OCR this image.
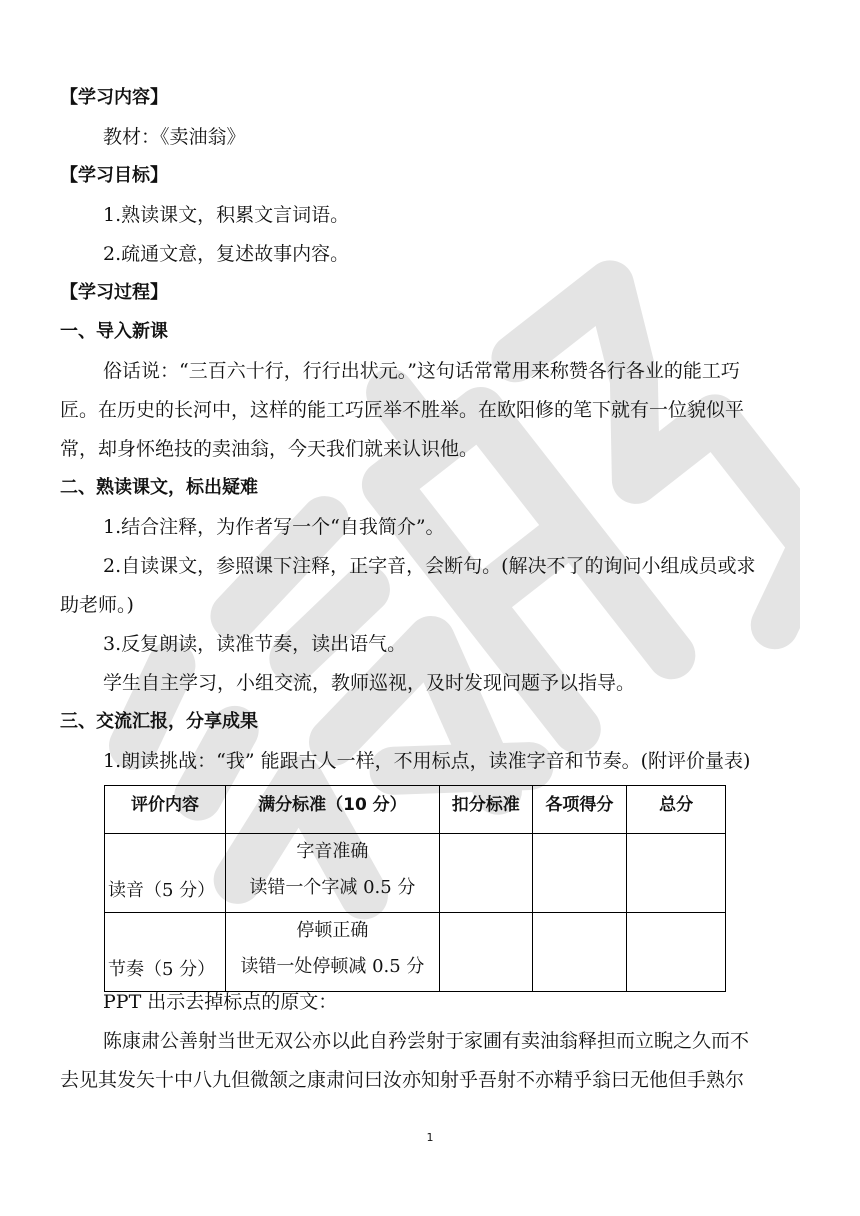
【学习内容】
教材：《卖油翁》
【学习目标】
1.熟读课文，积累文言词语。
2.疏通文意，复述故事内容。
【学习过程】
一、导入新课
俗话说：“三百六十行，行行出状元。”这句话常常用来称赞各行各业的能工巧
匠。在历史的长河中，这样的能工巧匠举不胜举。在欧阳修的笔下就有一位貌似平
常，却身怀绝技的卖油翁，今天我们就来认识他。
二、熟读课文，标出疑难
1.结合注释，为作者写一个“自我简介”。
2.自读课文，参照课下注释，正字音，会断句。(解决不了的询问小组成员或求
助老师。)
3.反复朗读，读准节奏，读出语气。
学生自主学习，小组交流，教师巡视，及时发现问题予以指导。
三、交流汇报，分享成果
1.朗读挑战：“我” 能跟古人一样，不用标点，读准字音和节奏。(附评价量表)
评价内容	满分标准（10 分）	扣分标准	各项得分	总分

读音（5 分）	字音准确
读错一个字减 0.5 分			

节奏（5 分）	停顿正确
读错一处停顿减 0.5 分			

PPT 出示去掉标点的原文：
陈康肃公善射当世无双公亦以此自矜尝射于家圃有卖油翁释担而立睨之久而不
去见其发矢十中八九但微颔之康肃问曰汝亦知射乎吾射不亦精乎翁曰无他但手熟尔
1
